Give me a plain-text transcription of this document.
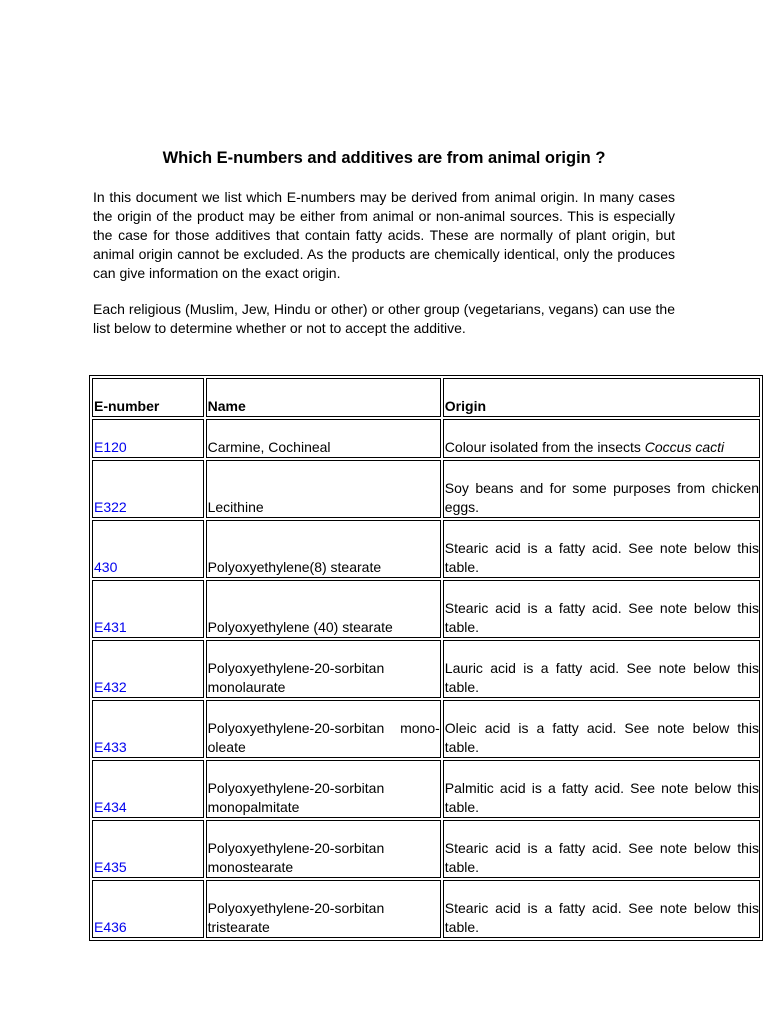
Which E-numbers and additives are from animal origin ?

In this document we list which E-numbers may be derived from animal origin. In many cases the origin of the product may be either from animal or non-animal sources. This is especially the case for those additives that contain fatty acids. These are normally of plant origin, but animal origin cannot be excluded. As the products are chemically identical, only the produces can give information on the exact origin.

Each religious (Muslim, Jew, Hindu or other) or other group (vegetarians, vegans) can use the list below to determine whether or not to accept the additive.

E-number	Name	Origin
E120	Carmine, Cochineal	Colour isolated from the insects Coccus cacti

E322	Lecithine	Soy beans and for some purposes from chicken eggs.

430	Polyoxyethylene(8) stearate	Stearic acid is a fatty acid. See note below this table.

E431	Polyoxyethylene (40) stearate	Stearic acid is a fatty acid. See note below this table.

E432	Polyoxyethylene-20-sorbitan monolaurate	Lauric acid is a fatty acid. See note below this table.

E433	Polyoxyethylene-20-sorbitan mono-oleate	Oleic acid is a fatty acid. See note below this table.

E434	Polyoxyethylene-20-sorbitan monopalmitate	Palmitic acid is a fatty acid. See note below this table.

E435	Polyoxyethylene-20-sorbitan monostearate	Stearic acid is a fatty acid. See note below this table.

E436	Polyoxyethylene-20-sorbitan tristearate	Stearic acid is a fatty acid. See note below this table.
